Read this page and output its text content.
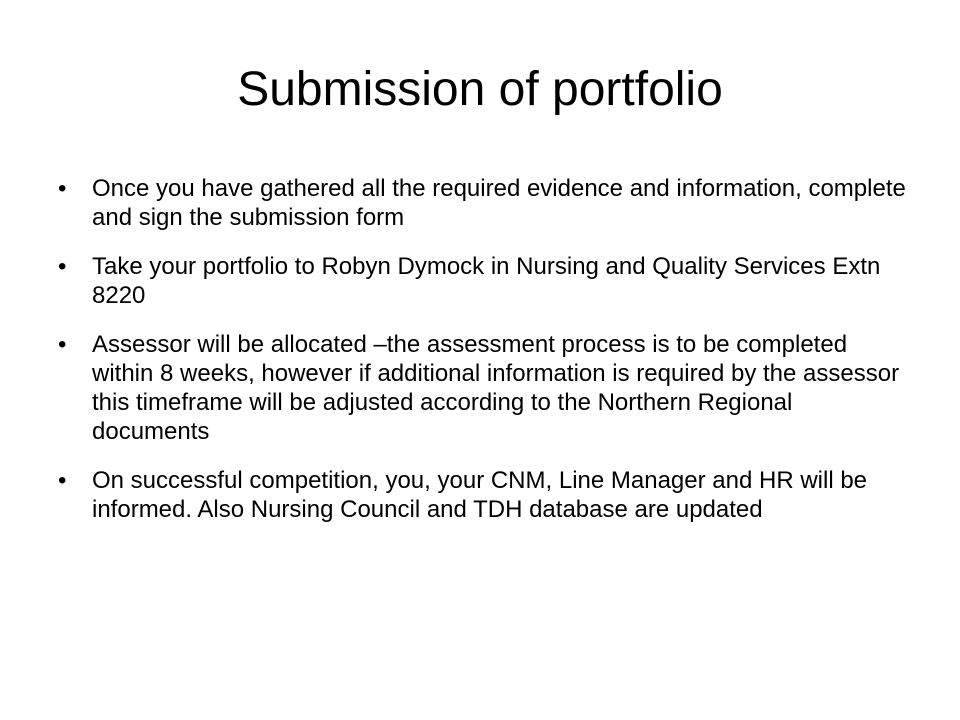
Submission of portfolio
•	Once you have gathered all the required evidence and information, complete and sign the submission form
•	Take your portfolio to Robyn Dymock in Nursing and Quality Services Extn 8220
•	Assessor will be allocated –the assessment process is to be completed within 8 weeks, however if additional information is required by the assessor this timeframe will be adjusted according to the Northern Regional documents
•	On successful competition, you, your CNM, Line Manager and HR will be informed. Also Nursing Council and TDH database are updated
